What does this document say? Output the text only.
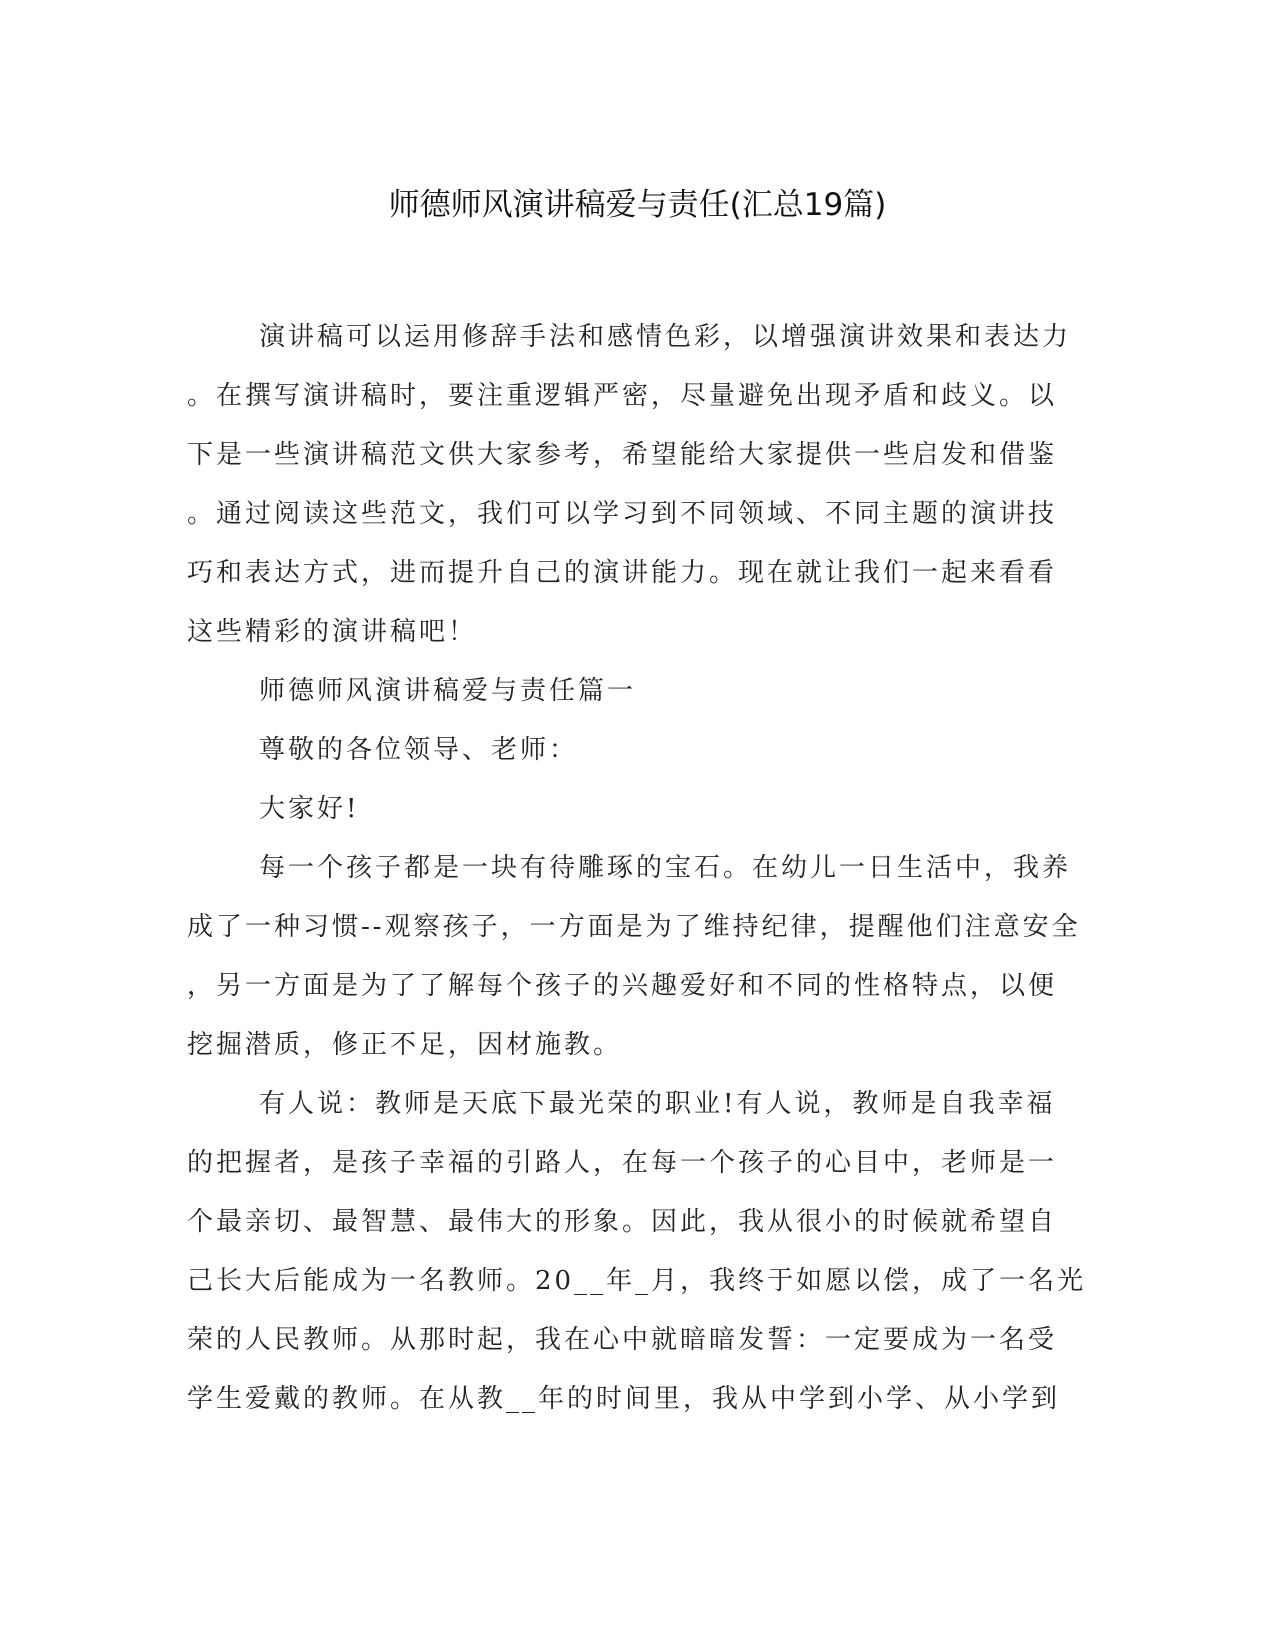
师德师风演讲稿爱与责任(汇总19篇)

演讲稿可以运用修辞手法和感情色彩，以增强演讲效果和表达力

。在撰写演讲稿时，要注重逻辑严密，尽量避免出现矛盾和歧义。以

下是一些演讲稿范文供大家参考，希望能给大家提供一些启发和借鉴

。通过阅读这些范文，我们可以学习到不同领域、不同主题的演讲技

巧和表达方式，进而提升自己的演讲能力。现在就让我们一起来看看

这些精彩的演讲稿吧！

师德师风演讲稿爱与责任篇一

尊敬的各位领导、老师：

大家好!

每一个孩子都是一块有待雕琢的宝石。在幼儿一日生活中，我养

成了一种习惯--观察孩子，一方面是为了维持纪律，提醒他们注意安全

，另一方面是为了了解每个孩子的兴趣爱好和不同的性格特点，以便

挖掘潜质，修正不足，因材施教。

有人说：教师是天底下最光荣的职业!有人说，教师是自我幸福

的把握者，是孩子幸福的引路人，在每一个孩子的心目中，老师是一

个最亲切、最智慧、最伟大的形象。因此，我从很小的时候就希望自

己长大后能成为一名教师。20__年_月，我终于如愿以偿，成了一名光

荣的人民教师。从那时起，我在心中就暗暗发誓：一定要成为一名受

学生爱戴的教师。在从教__年的时间里，我从中学到小学、从小学到
